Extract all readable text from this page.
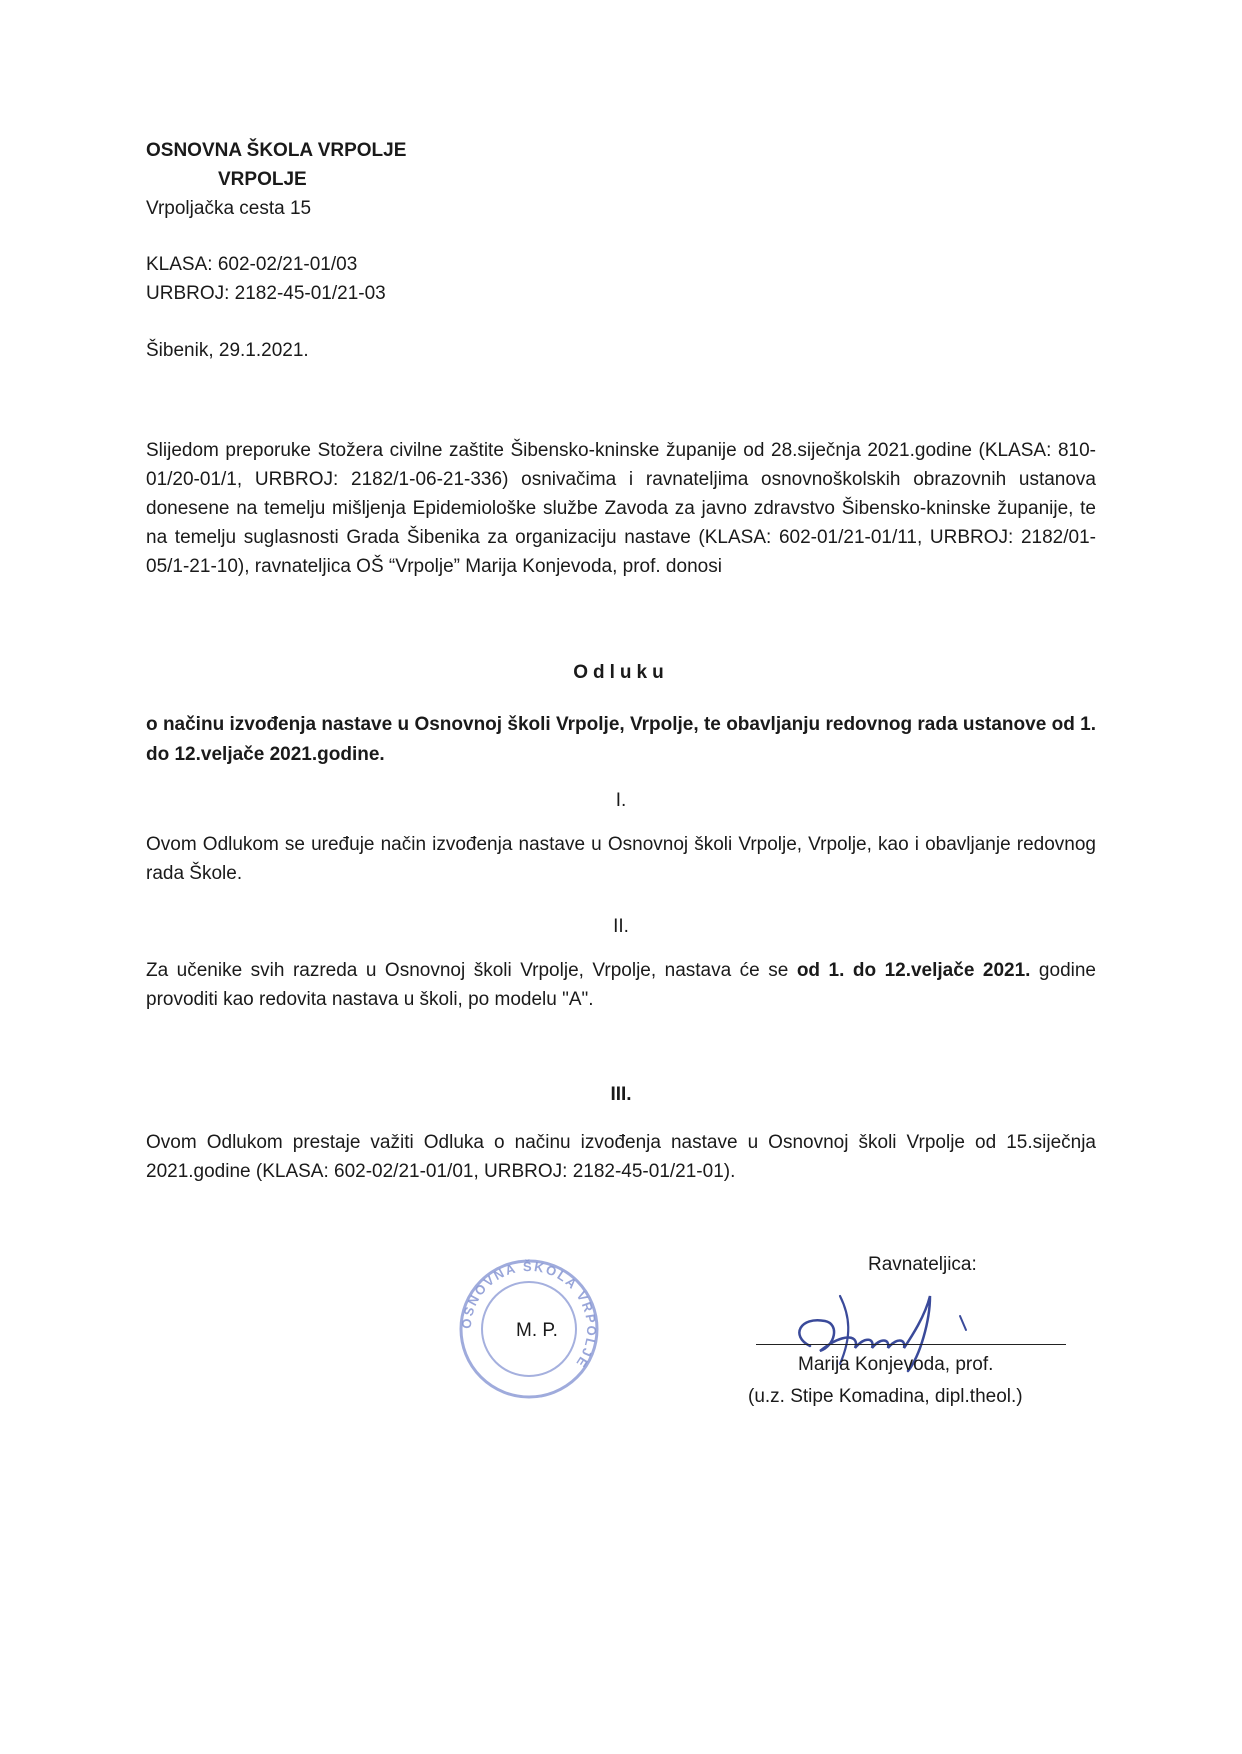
OSNOVNA ŠKOLA VRPOLJE
VRPOLJE
Vrpoljačka cesta 15
KLASA: 602-02/21-01/03
URBROJ: 2182-45-01/21-03
Šibenik, 29.1.2021.
Slijedom preporuke Stožera civilne zaštite Šibensko-kninske županije od 28.siječnja 2021.godine (KLASA: 810-01/20-01/1, URBROJ: 2182/1-06-21-336) osnivačima i ravnateljima osnovnoškolskih obrazovnih ustanova donesene na temelju mišljenja Epidemiološke službe Zavoda za javno zdravstvo Šibensko-kninske županije, te na temelju suglasnosti Grada Šibenika za organizaciju nastave (KLASA: 602-01/21-01/11, URBROJ: 2182/01-05/1-21-10), ravnateljica OŠ “Vrpolje” Marija Konjevoda, prof. donosi
Odluku
o načinu izvođenja nastave u Osnovnoj školi Vrpolje, Vrpolje, te obavljanju redovnog rada ustanove od 1. do 12.veljače 2021.godine.
I.
Ovom Odlukom se uređuje način izvođenja nastave u Osnovnoj školi Vrpolje, Vrpolje, kao i obavljanje redovnog rada Škole.
II.
Za učenike svih razreda u Osnovnoj školi Vrpolje, Vrpolje, nastava će se od 1. do 12.veljače 2021. godine provoditi kao redovita nastava u školi, po modelu "A".
III.
Ovom Odlukom prestaje važiti Odluka o načinu izvođenja nastave u Osnovnoj školi Vrpolje od 15.siječnja 2021.godine (KLASA: 602-02/21-01/01, URBROJ: 2182-45-01/21-01).
OSNOVNA ŠKOLA VRPOLJE
M. P.
Ravnateljica:
Marija Konjevoda, prof.
(u.z. Stipe Komadina, dipl.theol.)
